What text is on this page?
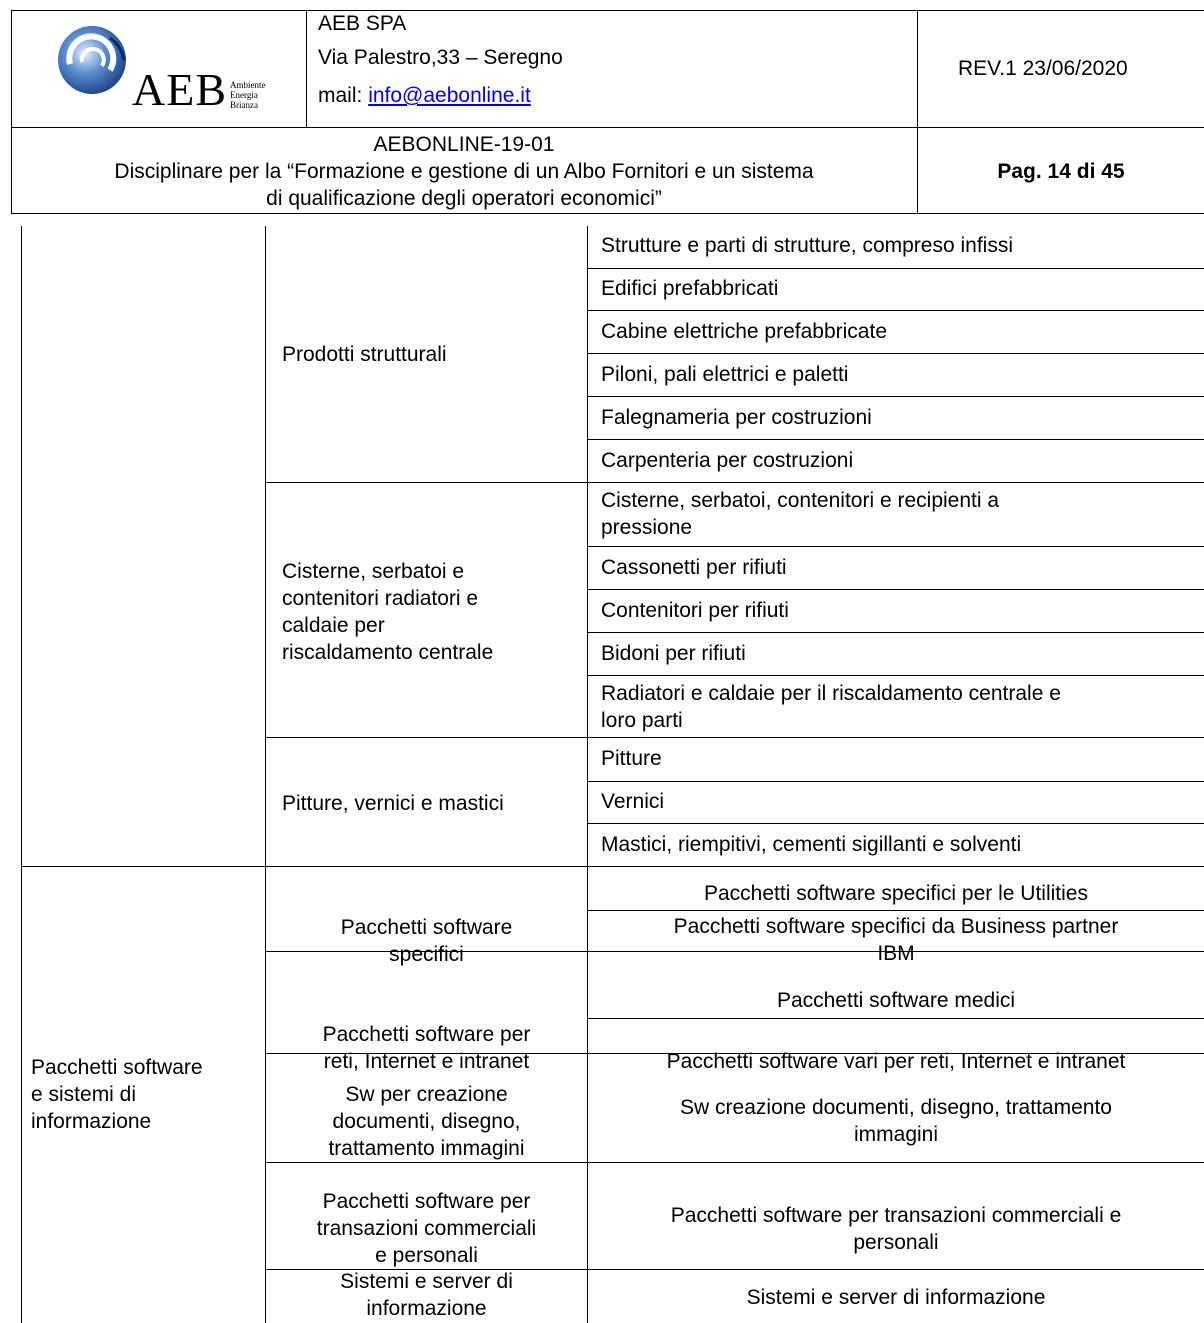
AEB Ambiente
Energia
Brianza
AEB SPA
Via Palestro,33 – Seregno
mail: info@aebonline.it
REV.1 23/06/2020
AEBONLINE-19-01
Disciplinare per la “Formazione e gestione di un Albo Fornitori e un sistema
di qualificazione degli operatori economici”
Pag. 14 di 45
Prodotti strutturali
Strutture e parti di strutture, compreso infissi
Edifici prefabbricati
Cabine elettriche prefabbricate
Piloni, pali elettrici e paletti
Falegnameria per costruzioni
Carpenteria per costruzioni
Cisterne, serbatoi e
contenitori radiatori e
caldaie per
riscaldamento centrale
Cisterne, serbatoi, contenitori e recipienti a
pressione
Cassonetti per rifiuti
Contenitori per rifiuti
Bidoni per rifiuti
Radiatori e caldaie per il riscaldamento centrale e
loro parti
Pitture, vernici e mastici
Pitture
Vernici
Mastici, riempitivi, cementi sigillanti e solventi
Pacchetti software
e sistemi di
informazione
Pacchetti software
specifici
Pacchetti software specifici per le Utilities
Pacchetti software specifici da Business partner
IBM
Pacchetti software medici
Pacchetti software per
reti, Internet e intranet	Pacchetti software vari per reti, Internet e intranet
Sw per creazione
documenti, disegno,
trattamento immagini
Sw creazione documenti, disegno, trattamento
immagini
Pacchetti software per
transazioni commerciali
e personali
Pacchetti software per transazioni commerciali e
personali
Sistemi e server di
informazione	Sistemi e server di informazione
